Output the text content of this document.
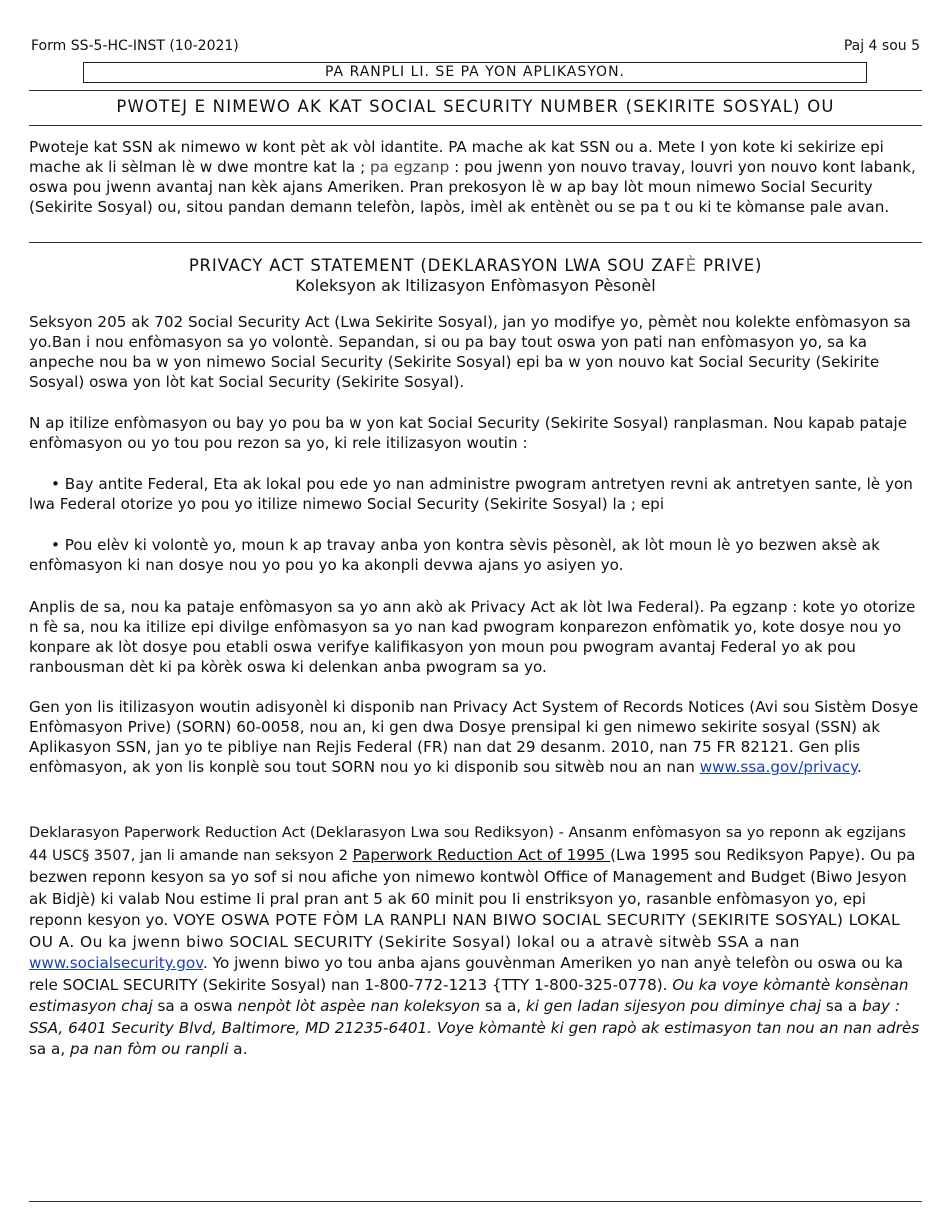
Form SS-5-HC-INST (10-2021)	Paj 4 sou 5
PA RANPLI LI. SE PA YON APLIKASYON.
PWOTEJ E NIMEWO AK KAT SOCIAL SECURITY NUMBER (SEKIRITE SOSYAL) OU

Pwoteje kat SSN ak nimewo w kont pèt ak vòl idantite. PA mache ak kat SSN ou a. Mete I yon kote ki sekirize epi mache ak li sèlman lè w dwe montre kat la ; pa egzanp : pou jwenn yon nouvo travay, louvri yon nouvo kont labank, oswa pou jwenn avantaj nan kèk ajans Ameriken. Pran prekosyon lè w ap bay lòt moun nimewo Social Security (Sekirite Sosyal) ou, sitou pandan demann telefòn, lapòs, imèl ak entènèt ou se pa t ou ki te kòmanse pale avan.

PRIVACY ACT STATEMENT (DEKLARASYON LWA SOU ZAFÈ PRIVE)
Koleksyon ak ltilizasyon Enfòmasyon Pèsonèl

Seksyon 205 ak 702 Social Security Act (Lwa Sekirite Sosyal), jan yo modifye yo, pèmèt nou kolekte enfòmasyon sa yo.Ban i nou enfòmasyon sa yo volontè. Sepandan, si ou pa bay tout oswa yon pati nan enfòmasyon yo, sa ka anpeche nou ba w yon nimewo Social Security (Sekirite Sosyal) epi ba w yon nouvo kat Social Security (Sekirite Sosyal) oswa yon lòt kat Social Security (Sekirite Sosyal).

N ap itilize enfòmasyon ou bay yo pou ba w yon kat Social Security (Sekirite Sosyal) ranplasman. Nou kapab pataje enfòmasyon ou yo tou pou rezon sa yo, ki rele itilizasyon woutin :

• Bay antite Federal, Eta ak lokal pou ede yo nan administre pwogram antretyen revni ak antretyen sante, lè yon lwa Federal otorize yo pou yo itilize nimewo Social Security (Sekirite Sosyal) la ; epi

• Pou elèv ki volontè yo, moun k ap travay anba yon kontra sèvis pèsonèl, ak lòt moun lè yo bezwen aksè ak enfòmasyon ki nan dosye nou yo pou yo ka akonpli devwa ajans yo asiyen yo.

Anplis de sa, nou ka pataje enfòmasyon sa yo ann akò ak Privacy Act ak lòt lwa Federal). Pa egzanp : kote yo otorize n fè sa, nou ka itilize epi divilge enfòmasyon sa yo nan kad pwogram konparezon enfòmatik yo, kote dosye nou yo konpare ak lòt dosye pou etabli oswa verifye kalifikasyon yon moun pou pwogram avantaj Federal yo ak pou ranbousman dèt ki pa kòrèk oswa ki delenkan anba pwogram sa yo.

Gen yon lis itilizasyon woutin adisyonèl ki disponib nan Privacy Act System of Records Notices (Avi sou Sistèm Dosye Enfòmasyon Prive) (SORN) 60-0058, nou an, ki gen dwa Dosye prensipal ki gen nimewo sekirite sosyal (SSN) ak Aplikasyon SSN, jan yo te pibliye nan Rejis Federal (FR) nan dat 29 desanm. 2010, nan 75 FR 82121. Gen plis enfòmasyon, ak yon lis konplè sou tout SORN nou yo ki disponib sou sitwèb nou an nan www.ssa.gov/privacy.

Deklarasyon Paperwork Reduction Act (Deklarasyon Lwa sou Rediksyon) - Ansanm enfòmasyon sa yo reponn ak egzijans 44 USC§ 3507, jan li amande nan seksyon 2 Paperwork Reduction Act of 1995 (Lwa 1995 sou Rediksyon Papye). Ou pa bezwen reponn kesyon sa yo sof si nou afiche yon nimewo kontwòl Office of Management and Budget (Biwo Jesyon ak Bidjè) ki valab Nou estime Ii pral pran ant 5 ak 60 minit pou Ii enstriksyon yo, rasanble enfòmasyon yo, epi reponn kesyon yo. VOYE OSWA POTE FÒM LA RANPLI NAN BIWO SOCIAL SECURITY (SEKIRITE SOSYAL) LOKAL OU A. Ou ka jwenn biwo SOCIAL SECURITY (Sekirite Sosyal) lokal ou a atravè sitwèb SSA a nan www.socialsecurity.gov. Yo jwenn biwo yo tou anba ajans gouvènman Ameriken yo nan anyè telefòn ou oswa ou ka rele SOCIAL SECURITY (Sekirite Sosyal) nan 1-800-772-1213 {TTY 1-800-325-0778). Ou ka voye kòmantè konsènan estimasyon chaj sa a oswa nenpòt lòt aspèe nan koleksyon sa a, ki gen ladan sijesyon pou diminye chaj sa a bay : SSA, 6401 Security Blvd, Baltimore, MD 21235-6401. Voye kòmantè ki gen rapò ak estimasyon tan nou an nan adrès sa a, pa nan fòm ou ranpli a.
